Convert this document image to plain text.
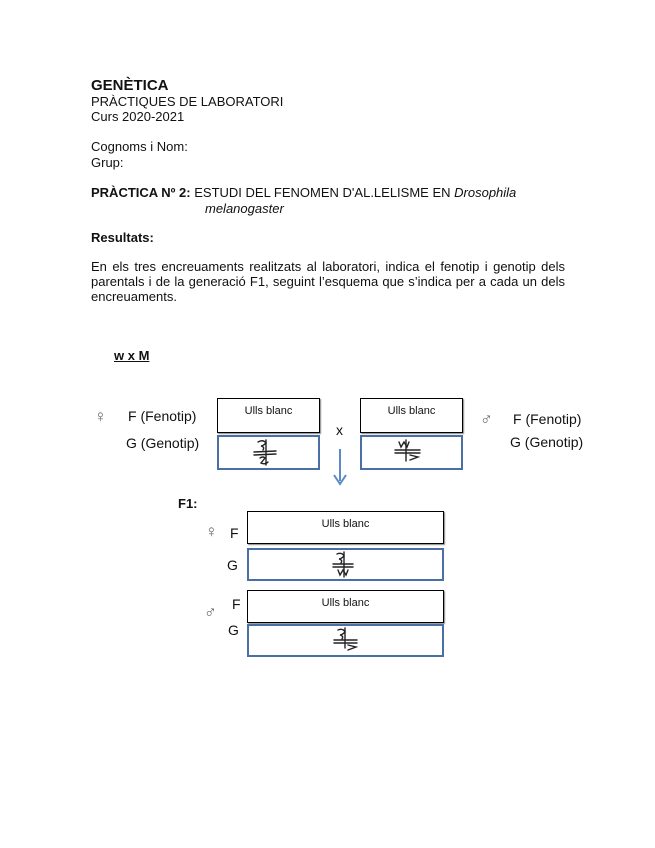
GENÈTICA
PRÀCTIQUES DE LABORATORI
Curs 2020-2021
Cognoms i Nom:
Grup:
PRÀCTICA Nº 2: ESTUDI DEL FENOMEN D'AL.LELISME EN Drosophila
melanogaster
Resultats:
En els tres encreuaments realitzats al laboratori, indica el fenotip i genotip dels parentals i de la generació F1, seguint l’esquema que s’indica per a cada un dels encreuaments.
w x M
♀ F (Fenotip)
G (Genotip)
Ulls blanc
x
Ulls blanc	♂ F (Fenotip)
G (Genotip)
F1:
♀ F
G
Ulls blanc
♂ F
G
Ulls blanc
